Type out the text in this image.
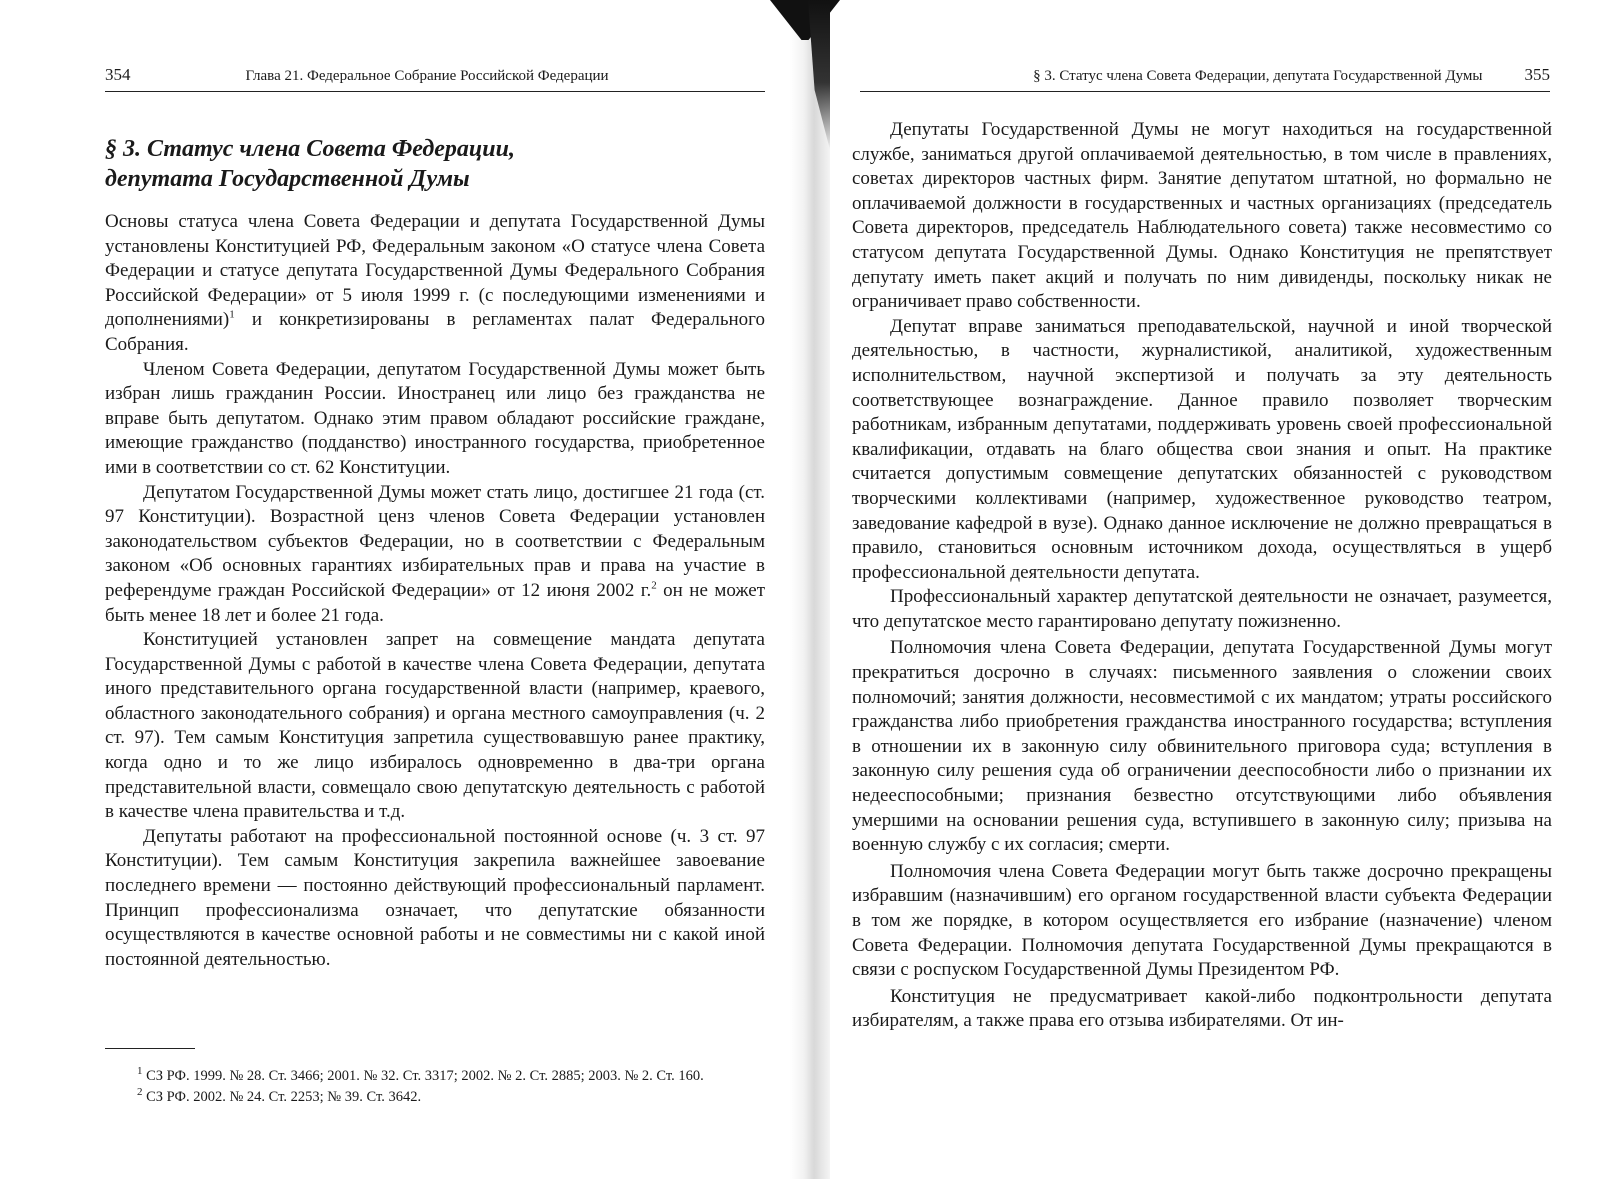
354	Глава 21. Федеральное Собрание Российской Федерации
§ 3. Статус члена Совета Федерации,
депутата Государственной Думы

Основы статуса члена Совета Федерации и депутата Государственной Думы установлены Конституцией РФ, Федеральным законом «О статусе члена Совета Федерации и статусе депутата Государственной Думы Федерального Собрания Российской Федерации» от 5 июля 1999 г. (с последующими изменениями и дополнениями)$^1$ и конкретизированы в регламентах палат Федерального Собрания.

Членом Совета Федерации, депутатом Государственной Думы может быть избран лишь гражданин России. Иностранец или лицо без гражданства не вправе быть депутатом. Однако этим правом обладают российские граждане, имеющие гражданство (подданство) иностранного государства, приобретенное ими в соответствии со ст. 62 Конституции.

Депутатом Государственной Думы может стать лицо, достигшее 21 года (ст. 97 Конституции). Возрастной ценз членов Совета Федерации установлен законодательством субъектов Федерации, но в соответствии с Федеральным законом «Об основных гарантиях избирательных прав и права на участие в референдуме граждан Российской Федерации» от 12 июня 2002 г.$^2$ он не может быть менее 18 лет и более 21 года.

Конституцией установлен запрет на совмещение мандата депутата Государственной Думы с работой в качестве члена Совета Федерации, депутата иного представительного органа государственной власти (например, краевого, областного законодательного собрания) и органа местного самоуправления (ч. 2 ст. 97). Тем самым Конституция запретила существовавшую ранее практику, когда одно и то же лицо избиралось одновременно в два-три органа представительной власти, совмещало свою депутатскую деятельность с работой в качестве члена правительства и т.д.

Депутаты работают на профессиональной постоянной основе (ч. 3 ст. 97 Конституции). Тем самым Конституция закрепила важнейшее завоевание последнего времени — постоянно действующий профессиональный парламент. Принцип профессионализма означает, что депутатские обязанности осуществляются в качестве основной работы и не совместимы ни с какой иной постоянной деятельностью.

$^1$ СЗ РФ. 1999. № 28. Ст. 3466; 2001. № 32. Ст. 3317; 2002. № 2. Ст. 2885; 2003. № 2. Ст. 160.

$^2$ СЗ РФ. 2002. № 24. Ст. 2253; № 39. Ст. 3642.

§ 3. Статус члена Совета Федерации, депутата Государственной Думы 355

Депутаты Государственной Думы не могут находиться на государственной службе, заниматься другой оплачиваемой деятельностью, в том числе в правлениях, советах директоров частных фирм. Занятие депутатом штатной, но формально не оплачиваемой должности в государственных и частных организациях (председатель Совета директоров, председатель Наблюдательного совета) также несовместимо со статусом депутата Государственной Думы. Однако Конституция не препятствует депутату иметь пакет акций и получать по ним дивиденды, поскольку никак не ограничивает право собственности.

Депутат вправе заниматься преподавательской, научной и иной творческой деятельностью, в частности, журналистикой, аналитикой, художественным исполнительством, научной экспертизой и получать за эту деятельность соответствующее вознаграждение. Данное правило позволяет творческим работникам, избранным депутатами, поддерживать уровень своей профессиональной квалификации, отдавать на благо общества свои знания и опыт. На практике считается допустимым совмещение депутатских обязанностей с руководством творческими коллективами (например, художественное руководство театром, заведование кафедрой в вузе). Однако данное исключение не должно превращаться в правило, становиться основным источником дохода, осуществляться в ущерб профессиональной деятельности депутата.

Профессиональный характер депутатской деятельности не означает, разумеется, что депутатское место гарантировано депутату пожизненно.

Полномочия члена Совета Федерации, депутата Государственной Думы могут прекратиться досрочно в случаях: письменного заявления о сложении своих полномочий; занятия должности, несовместимой с их мандатом; утраты российского гражданства либо приобретения гражданства иностранного государства; вступления в отношении их в законную силу обвинительного приговора суда; вступления в законную силу решения суда об ограничении дееспособности либо о признании их недееспособными; признания безвестно отсутствующими либо объявления умершими на основании решения суда, вступившего в законную силу; призыва на военную службу с их согласия; смерти.

Полномочия члена Совета Федерации могут быть также досрочно прекращены избравшим (назначившим) его органом государственной власти субъекта Федерации в том же порядке, в котором осуществляется его избрание (назначение) членом Совета Федерации. Полномочия депутата Государственной Думы прекращаются в связи с роспуском Государственной Думы Президентом РФ.

Конституция не предусматривает какой-либо подконтрольности депутата избирателям, а также права его отзыва избирателями. От ин-
